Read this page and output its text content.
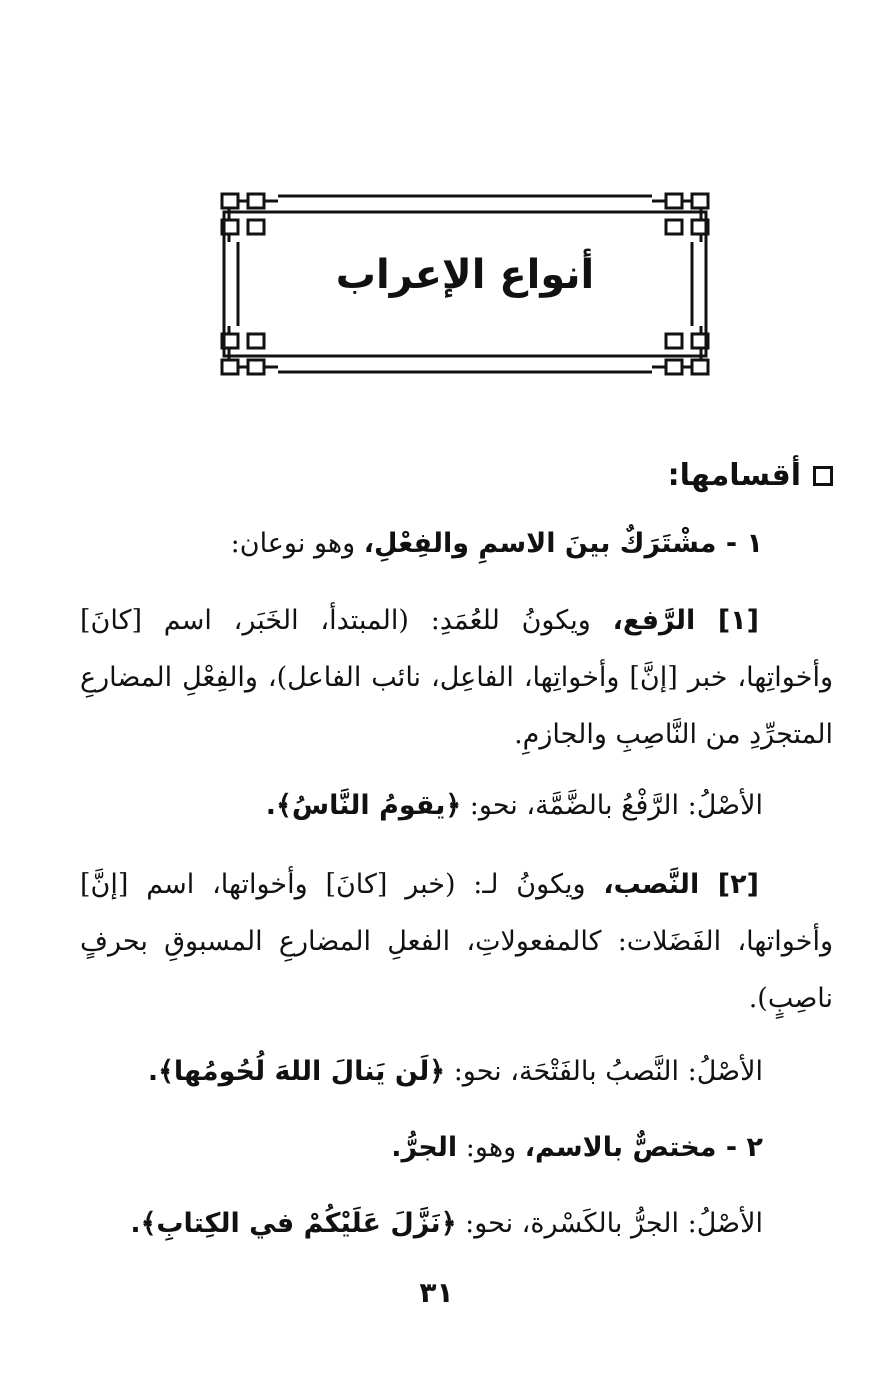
أنواع الإعراب
أقسامها:
١ - مشْتَرَكٌ بينَ الاسمِ والفِعْلِ، وهو نوعان:
[١] الرَّفع، ويكونُ للعُمَدِ: (المبتدأ، الخَبَر، اسم [كانَ] وأخواتِها، خبر [إنَّ] وأخواتِها، الفاعِل، نائب الفاعل)، والفِعْلِ المضارعِ المتجرِّدِ من النَّاصِبِ والجازمِ.
الأصْلُ: الرَّفْعُ بالضَّمَّة، نحو: ﴿يقومُ النَّاسُ﴾.
[٢] النَّصب، ويكونُ لـ: (خبر [كانَ] وأخواتها، اسم [إنَّ] وأخواتها، الفَضَلات: كالمفعولاتِ، الفعلِ المضارعِ المسبوقِ بحرفٍ ناصِبٍ).
الأصْلُ: النَّصبُ بالفَتْحَة، نحو: ﴿لَن يَنالَ اللهَ لُحُومُها﴾.
٢ - مختصٌّ بالاسم، وهو: الجرُّ.
الأصْلُ: الجرُّ بالكَسْرة، نحو: ﴿نَزَّلَ عَلَيْكُمْ في الكِتابِ﴾.
٣١
